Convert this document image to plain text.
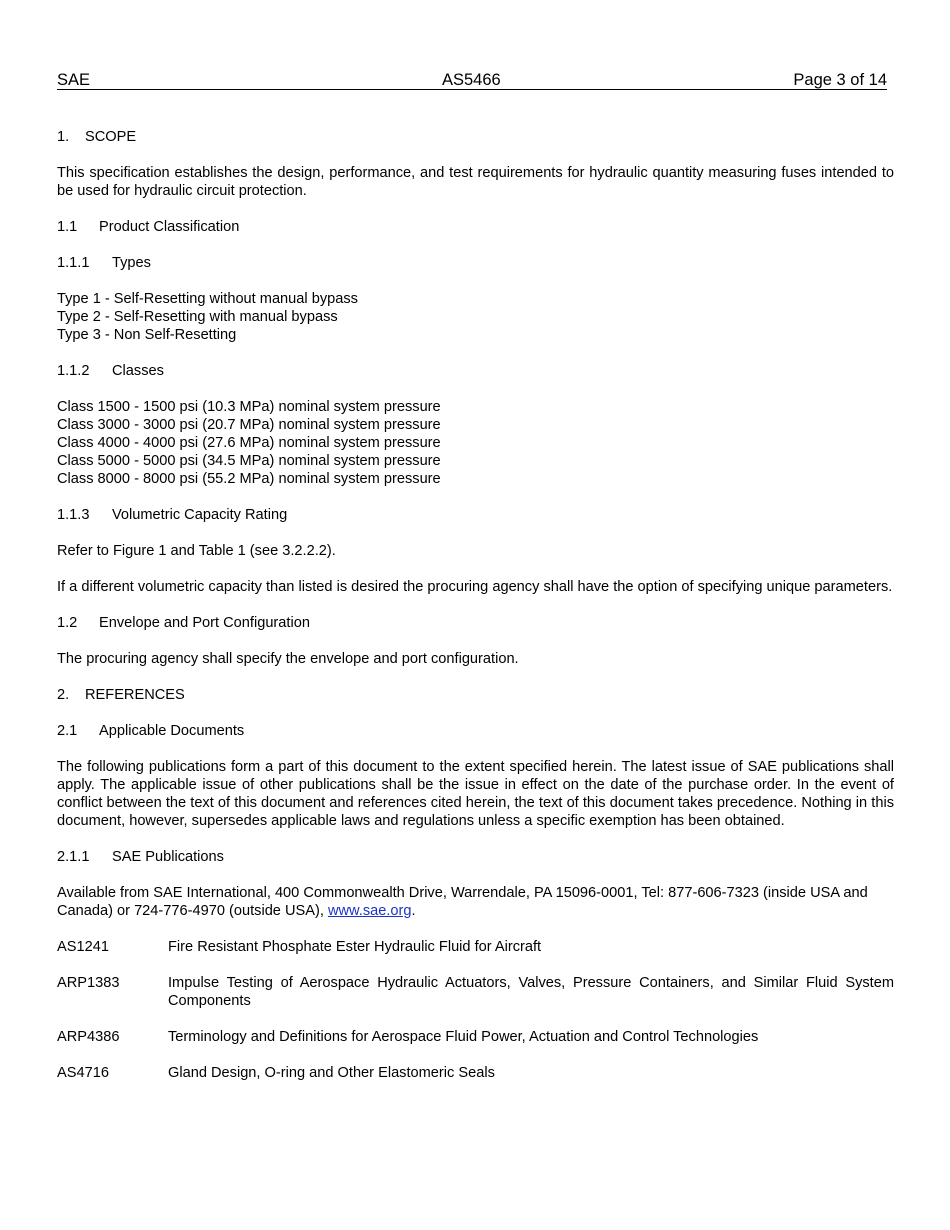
SAE	AS5466	Page 3 of 14
1.	SCOPE

This specification establishes the design, performance, and test requirements for hydraulic quantity measuring fuses intended to be used for hydraulic circuit protection.

1.1	Product Classification
1.1.1	Types
Type 1 - Self-Resetting without manual bypass
Type 2 - Self-Resetting with manual bypass
Type 3 - Non Self-Resetting
1.1.2	Classes
Class 1500 - 1500 psi (10.3 MPa) nominal system pressure
Class 3000 - 3000 psi (20.7 MPa) nominal system pressure
Class 4000 - 4000 psi (27.6 MPa) nominal system pressure
Class 5000 - 5000 psi (34.5 MPa) nominal system pressure
Class 8000 - 8000 psi (55.2 MPa) nominal system pressure
1.1.3	Volumetric Capacity Rating

Refer to Figure 1 and Table 1 (see 3.2.2.2).

If a different volumetric capacity than listed is desired the procuring agency shall have the option of specifying unique parameters.

1.2	Envelope and Port Configuration

The procuring agency shall specify the envelope and port configuration.

2.	REFERENCES
2.1	Applicable Documents

The following publications form a part of this document to the extent specified herein. The latest issue of SAE publications shall apply. The applicable issue of other publications shall be the issue in effect on the date of the purchase order. In the event of conflict between the text of this document and references cited herein, the text of this document takes precedence. Nothing in this document, however, supersedes applicable laws and regulations unless a specific exemption has been obtained.

2.1.1	SAE Publications

Available from SAE International, 400 Commonwealth Drive, Warrendale, PA 15096-0001, Tel: 877-606-7323 (inside USA and Canada) or 724-776-4970 (outside USA), www.sae.org.

AS1241	Fire Resistant Phosphate Ester Hydraulic Fluid for Aircraft
ARP1383	Impulse Testing of Aerospace Hydraulic Actuators, Valves, Pressure Containers, and Similar Fluid System Components
ARP4386	Terminology and Definitions for Aerospace Fluid Power, Actuation and Control Technologies
AS4716	Gland Design, O-ring and Other Elastomeric Seals
